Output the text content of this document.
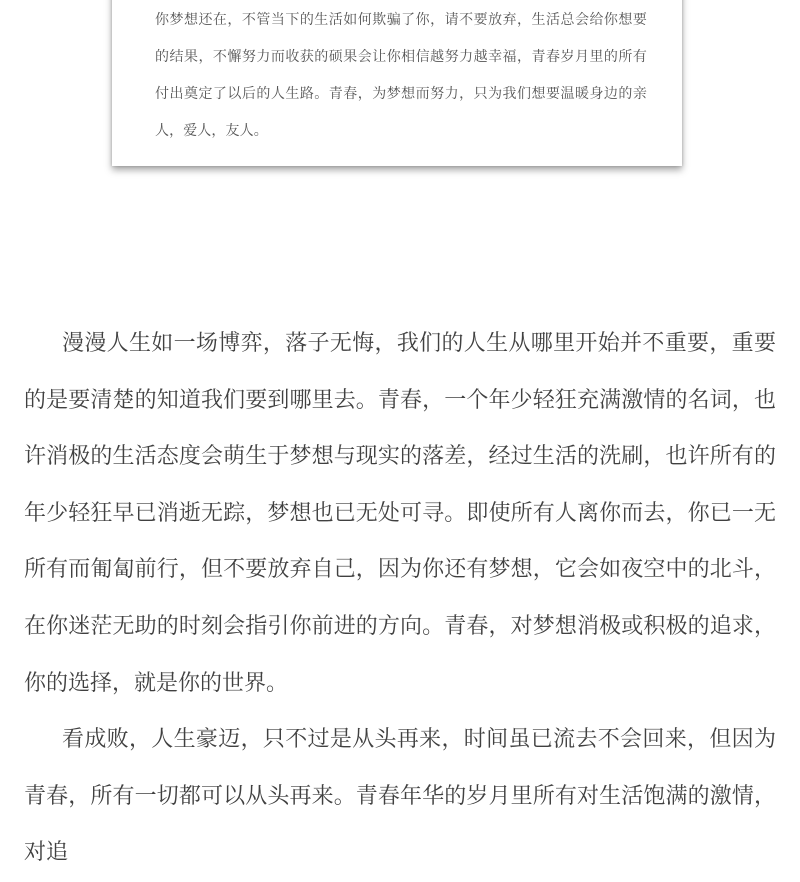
你梦想还在，不管当下的生活如何欺骗了你，请不要放弃，生活总会给你想要的结果，不懈努力而收获的硕果会让你相信越努力越幸福，青春岁月里的所有付出奠定了以后的人生路。青春，为梦想而努力，只为我们想要温暖身边的亲人，爱人，友人。

漫漫人生如一场博弈，落子无悔，我们的人生从哪里开始并不重要，重要的是要清楚的知道我们要到哪里去。青春，一个年少轻狂充满激情的名词，也许消极的生活态度会萌生于梦想与现实的落差，经过生活的洗刷，也许所有的年少轻狂早已消逝无踪，梦想也已无处可寻。即使所有人离你而去，你已一无所有而匍匐前行，但不要放弃自己，因为你还有梦想，它会如夜空中的北斗，在你迷茫无助的时刻会指引你前进的方向。青春，对梦想消极或积极的追求，你的选择，就是你的世界。

看成败，人生豪迈，只不过是从头再来，时间虽已流去不会回来，但因为青春，所有一切都可以从头再来。青春年华的岁月里所有对生活饱满的激情，对追
